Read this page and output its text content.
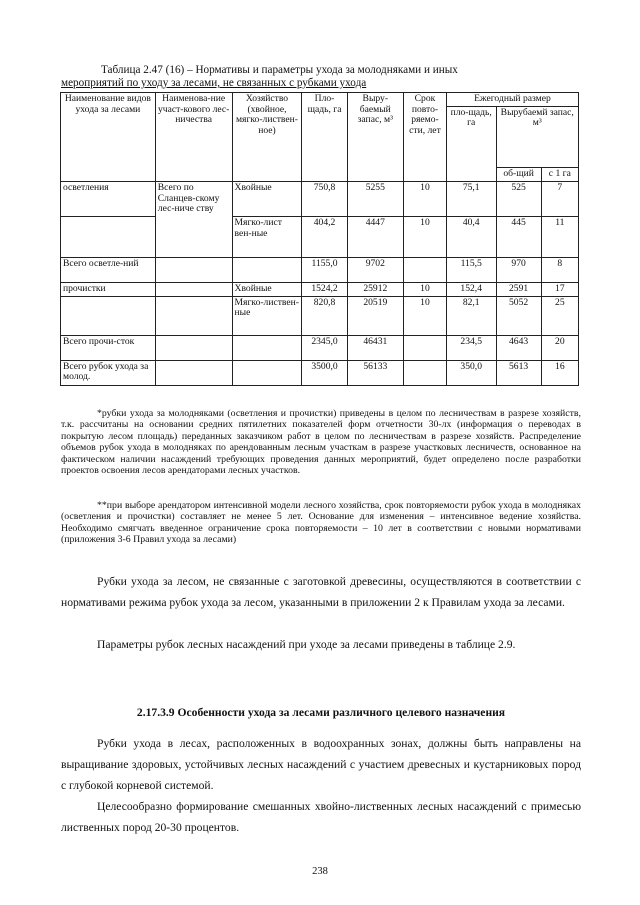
Таблица 2.47 (16) – Нормативы и параметры ухода за молодняками и иных
мероприятий по уходу за лесами, не связанных с рубками ухода
Наименование видов ухода за лесами	Наименова-ние участ-кового лес-ничества	Хозяйство (хвойное, мягко-листвен-ное)	Пло-щадь, га	Выру-баемый запас, м³	Срок повто-ряемо-сти, лет	Ежегодный размер		
						пло-щадь, га	Вырубаемй запас, м³	
							об-щий	с 1 га
осветления	Всего по Сланцев-скому лес-ниче ству	Хвойные	750,8	5255	10	75,1	525	7
		Мягко-лист вен-ные	404,2	4447	10	40,4	445	11
Всего осветле-ний			1155,0	9702		115,5	970	8
прочистки		Хвойные	1524,2	25912	10	152,4	2591	17
		Мягко-листвен-ные	820,8	20519	10	82,1	5052	25
Всего прочи-сток			2345,0	46431		234,5	4643	20
Всего рубок ухода за молод.			3500,0	56133		350,0	5613	16
*рубки ухода за молодняками (осветления и прочистки) приведены в целом по лесничествам в разрезе хозяйств, т.к. рассчитаны на основании средних пятилетних показателей форм отчетности 30-лх (информация о переводах в покрытую лесом площадь) переданных заказчиком работ в целом по лесничествам в разрезе хозяйств. Распределение объемов рубок ухода в молодняках по арендованным лесным участкам в разрезе участковых лесничеств, основанное на фактическом наличии насаждений требующих проведения данных мероприятий, будет определено после разработки проектов освоения лесов арендаторами лесных участков.
**при выборе арендатором интенсивной модели лесного хозяйства, срок повторяемости рубок ухода в молодняках (осветления и прочистки) составляет не менее 5 лет. Основание для изменения – интенсивное ведение хозяйства. Необходимо смягчать введенное ограничение срока повторяемости – 10 лет в соответствии с новыми нормативами (приложения 3-6 Правил ухода за лесами)
Рубки ухода за лесом, не связанные с заготовкой древесины, осуществляются в соответствии с нормативами режима рубок ухода за лесом, указанными в приложении 2 к Правилам ухода за лесами.
Параметры рубок лесных насаждений при уходе за лесами приведены в таблице 2.9.
2.17.3.9 Особенности ухода за лесами различного целевого назначения
Рубки ухода в лесах, расположенных в водоохранных зонах, должны быть направлены на выращивание здоровых, устойчивых лесных насаждений с участием древесных и кустарниковых пород с глубокой корневой системой.
Целесообразно формирование смешанных хвойно-лиственных лесных насаждений с примесью лиственных пород 20-30 процентов.
238
